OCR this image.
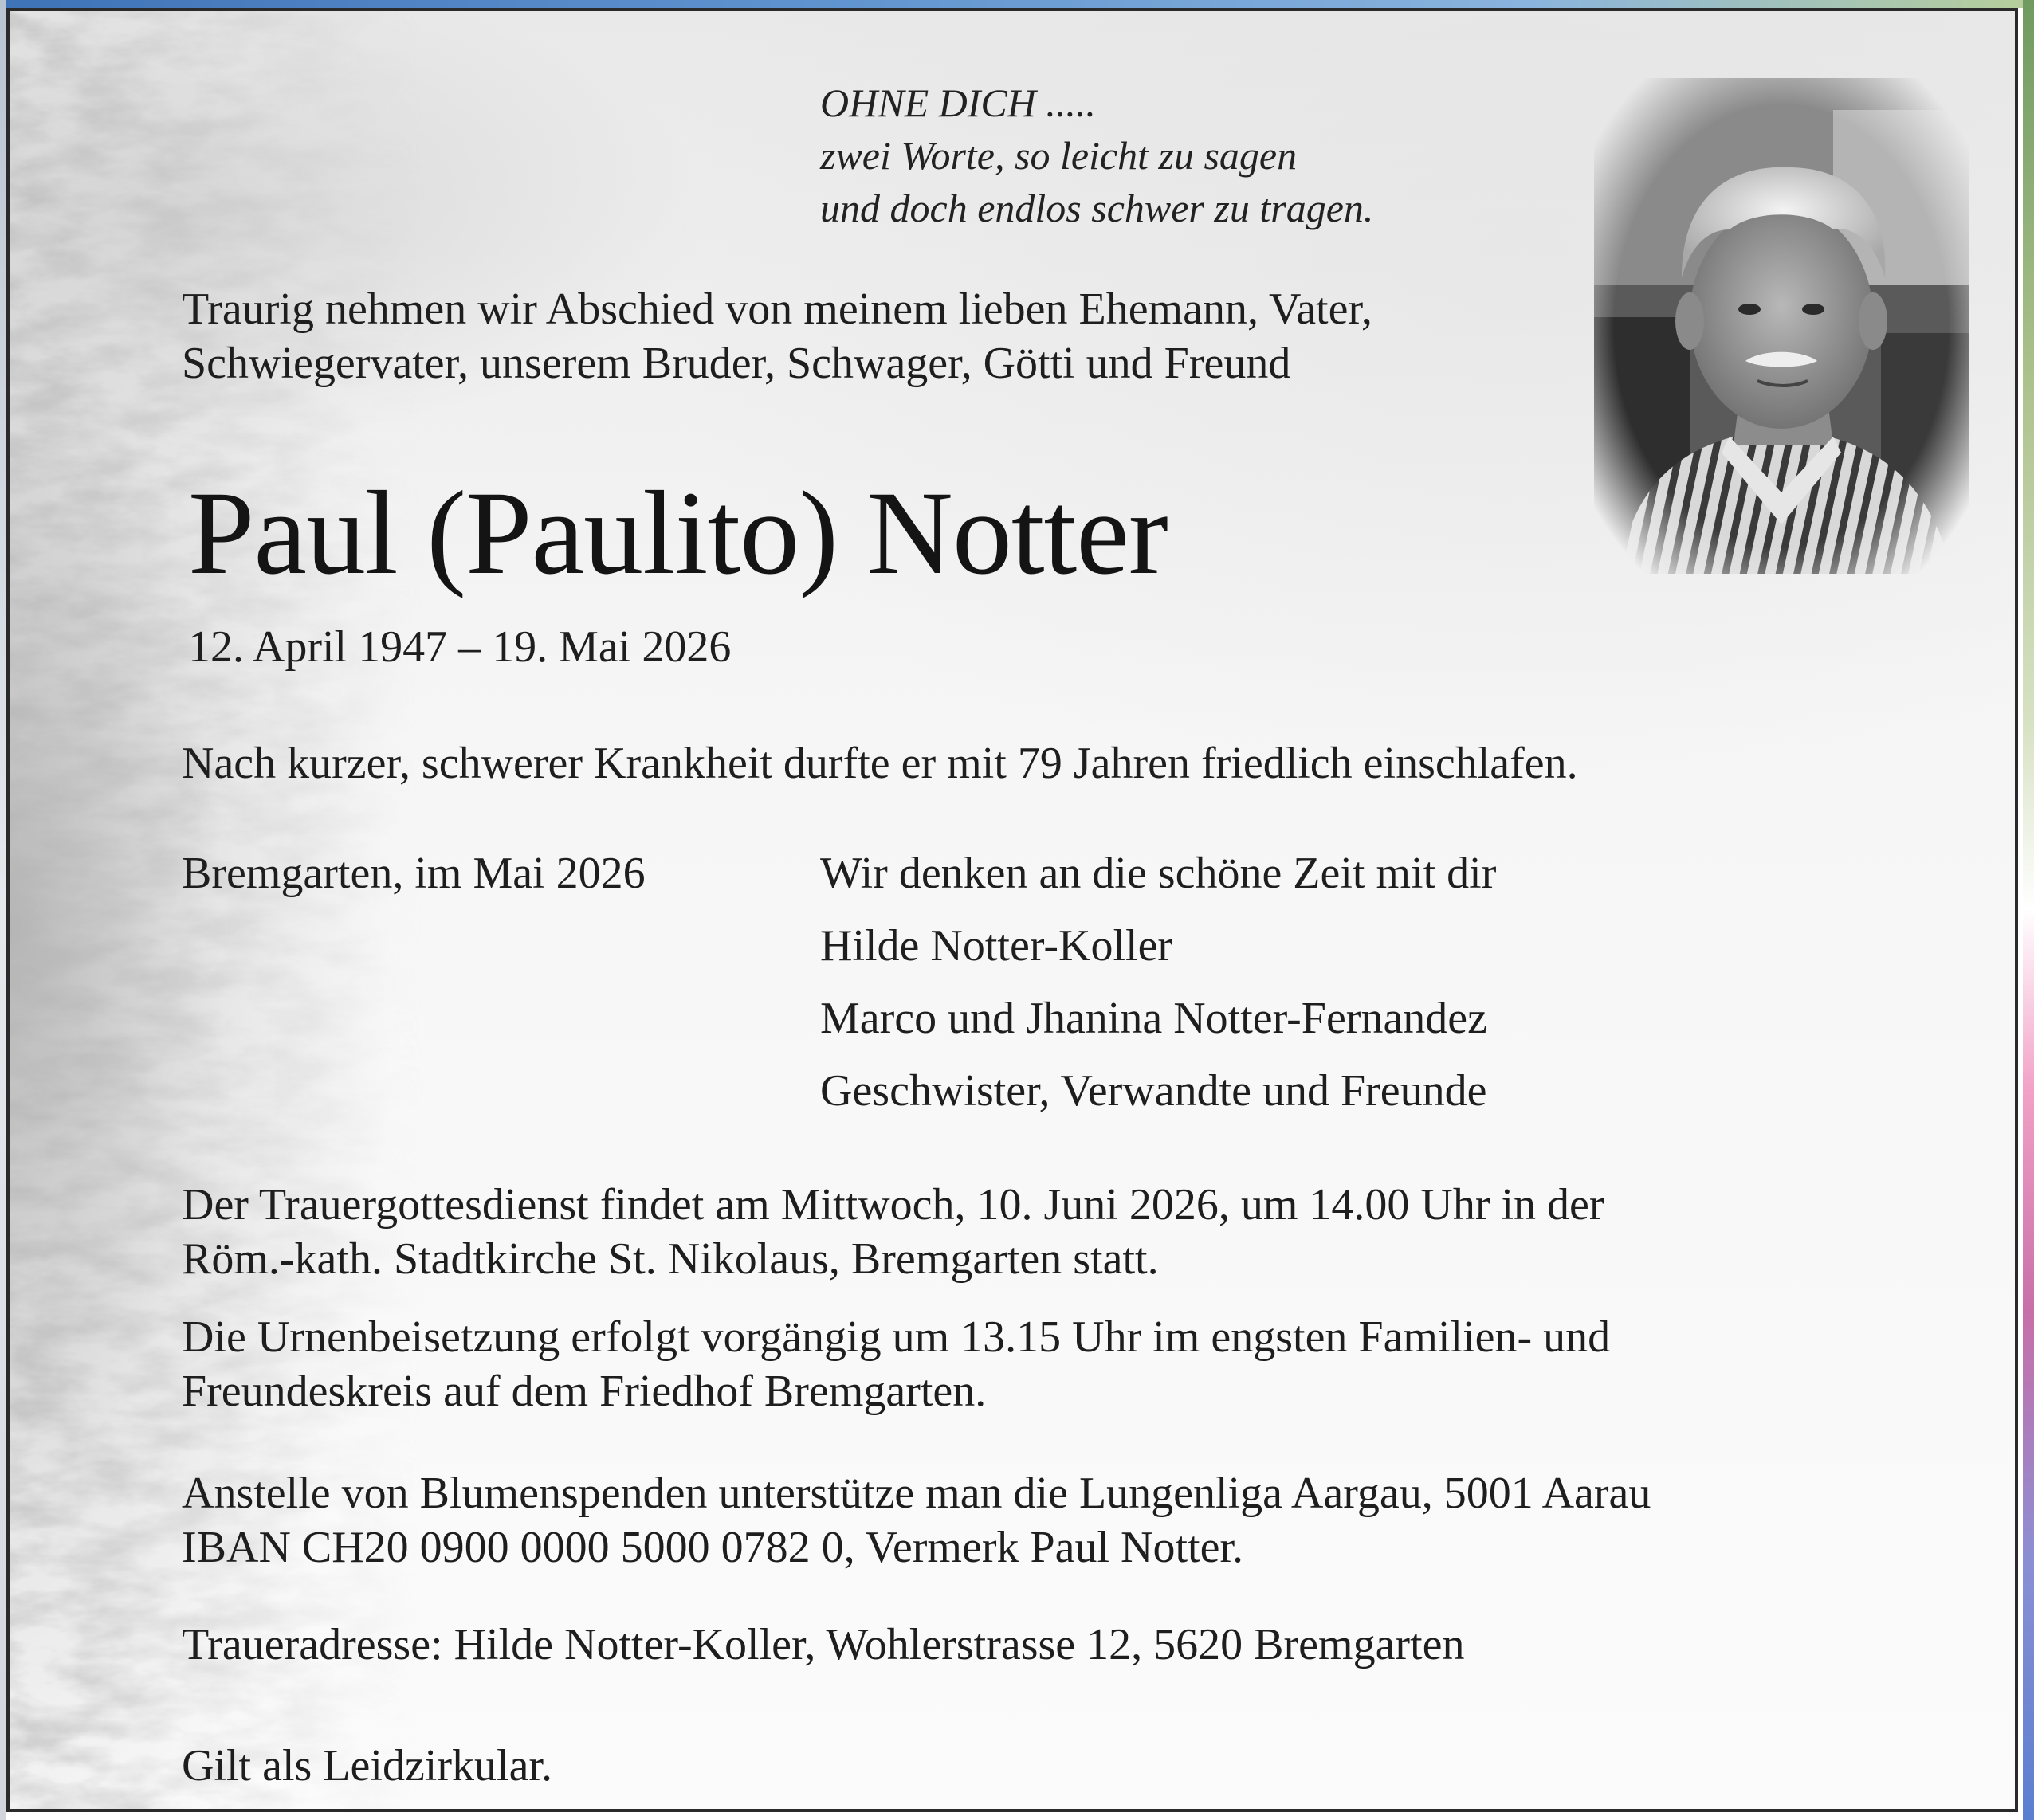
OHNE DICH .....
zwei Worte, so leicht zu sagen
und doch endlos schwer zu tragen.
Traurig nehmen wir Abschied von meinem lieben Ehemann, Vater,
Schwiegervater, unserem Bruder, Schwager, Götti und Freund
Paul (Paulito) Notter
12. April 1947 – 19. Mai 2026
Nach kurzer, schwerer Krankheit durfte er mit 79 Jahren friedlich einschlafen.
Bremgarten, im Mai 2026	Wir denken an die schöne Zeit mit dir
Hilde Notter-Koller
Marco und Jhanina Notter-Fernandez
Geschwister, Verwandte und Freunde
Der Trauergottesdienst findet am Mittwoch, 10. Juni 2026, um 14.00 Uhr in der
Röm.-kath. Stadtkirche St. Nikolaus, Bremgarten statt.
Die Urnenbeisetzung erfolgt vorgängig um 13.15 Uhr im engsten Familien- und
Freundeskreis auf dem Friedhof Bremgarten.
Anstelle von Blumenspenden unterstütze man die Lungenliga Aargau, 5001 Aarau
IBAN CH20 0900 0000 5000 0782 0, Vermerk Paul Notter.
Traueradresse: Hilde Notter-Koller, Wohlerstrasse 12, 5620 Bremgarten
Gilt als Leidzirkular.
